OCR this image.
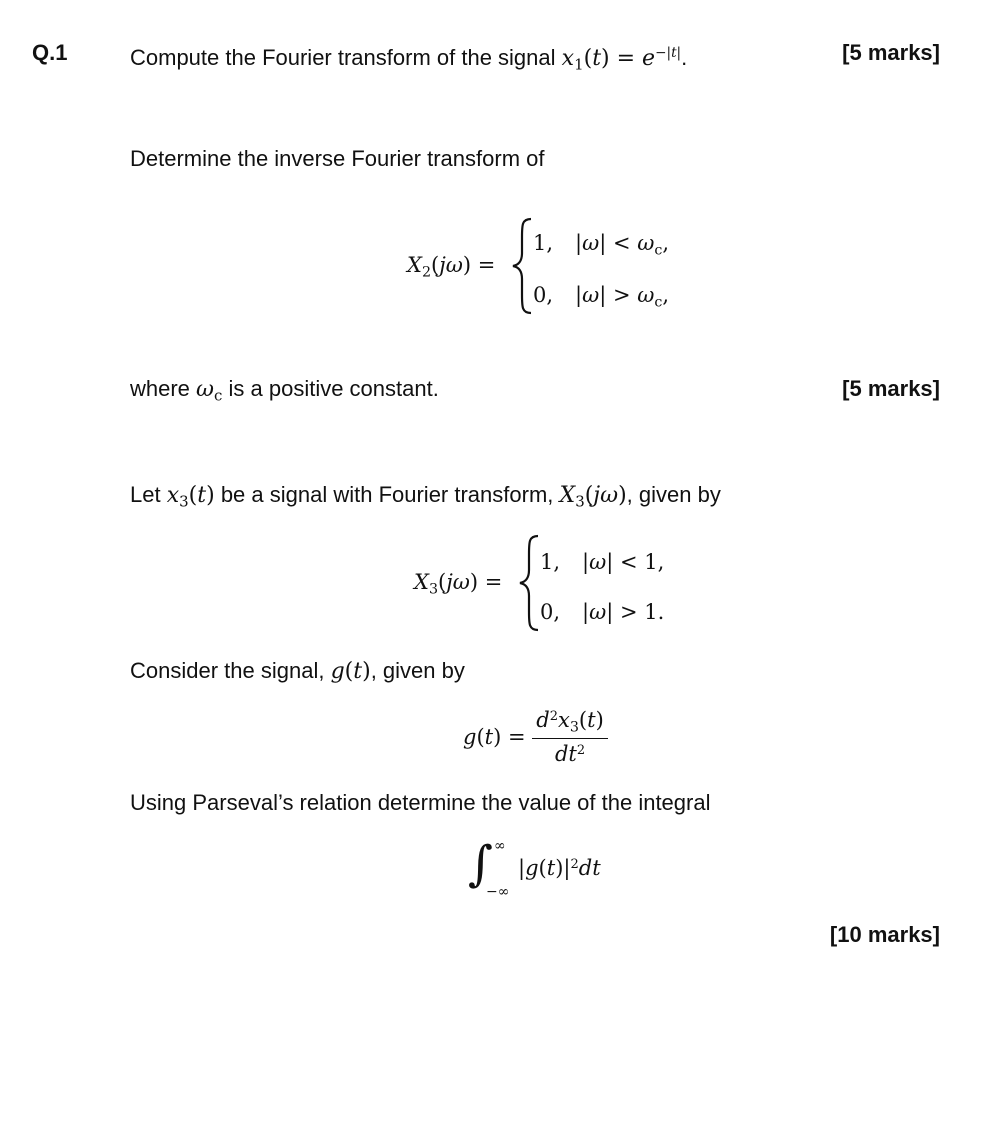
Q.1	Compute the Fourier transform of the signal $x_1(t) = e^{-|t|}$.	[5 marks]
Determine the inverse Fourier transform of
$X_2(j\omega)$ =
1, $|\omega| < \omega_c$,
0, $|\omega| > \omega_c$,
where $\omega_c$ is a positive constant.	[5 marks]
Let $x_3(t)$ be a signal with Fourier transform, $X_3(j\omega)$, given by
$X_3(j\omega)$ =
1, |ω| < 1,
0, |ω| > 1.
Consider the signal, g(t), given by
$g(t) = \frac{d^2x_3(t)}{dt^2}$
Using Parseval’s relation determine the value of the integral
∫ ∞
−∞
$|g(t)|^2dt$
[10 marks]
